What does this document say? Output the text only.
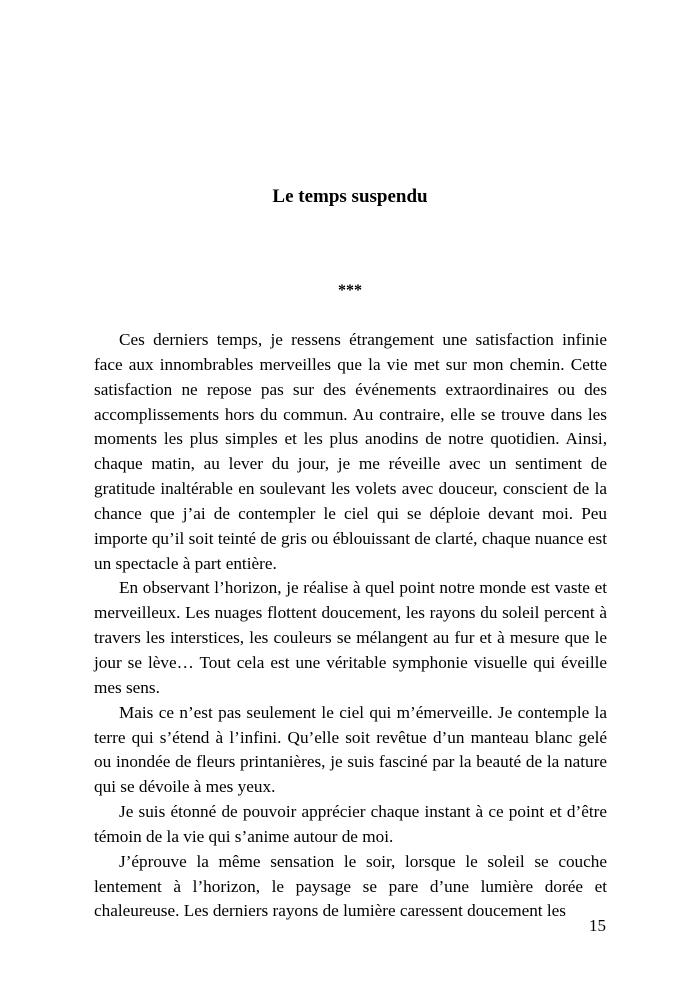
Le temps suspendu
***

Ces derniers temps, je ressens étrangement une satisfaction infinie face aux innombrables merveilles que la vie met sur mon chemin. Cette satisfaction ne repose pas sur des événements extraordinaires ou des accomplissements hors du commun. Au contraire, elle se trouve dans les moments les plus simples et les plus anodins de notre quotidien. Ainsi, chaque matin, au lever du jour, je me réveille avec un sentiment de gratitude inaltérable en soulevant les volets avec douceur, conscient de la chance que j’ai de contempler le ciel qui se déploie devant moi. Peu importe qu’il soit teinté de gris ou éblouissant de clarté, chaque nuance est un spectacle à part entière.

En observant l’horizon, je réalise à quel point notre monde est vaste et merveilleux. Les nuages flottent doucement, les rayons du soleil percent à travers les interstices, les couleurs se mélangent au fur et à mesure que le jour se lève… Tout cela est une véritable symphonie visuelle qui éveille mes sens.

Mais ce n’est pas seulement le ciel qui m’émerveille. Je contemple la terre qui s’étend à l’infini. Qu’elle soit revêtue d’un manteau blanc gelé ou inondée de fleurs printanières, je suis fasciné par la beauté de la nature qui se dévoile à mes yeux.

Je suis étonné de pouvoir apprécier chaque instant à ce point et d’être témoin de la vie qui s’anime autour de moi.

J’éprouve la même sensation le soir, lorsque le soleil se couche lentement à l’horizon, le paysage se pare d’une lumière dorée et chaleureuse. Les derniers rayons de lumière caressent doucement les

15
